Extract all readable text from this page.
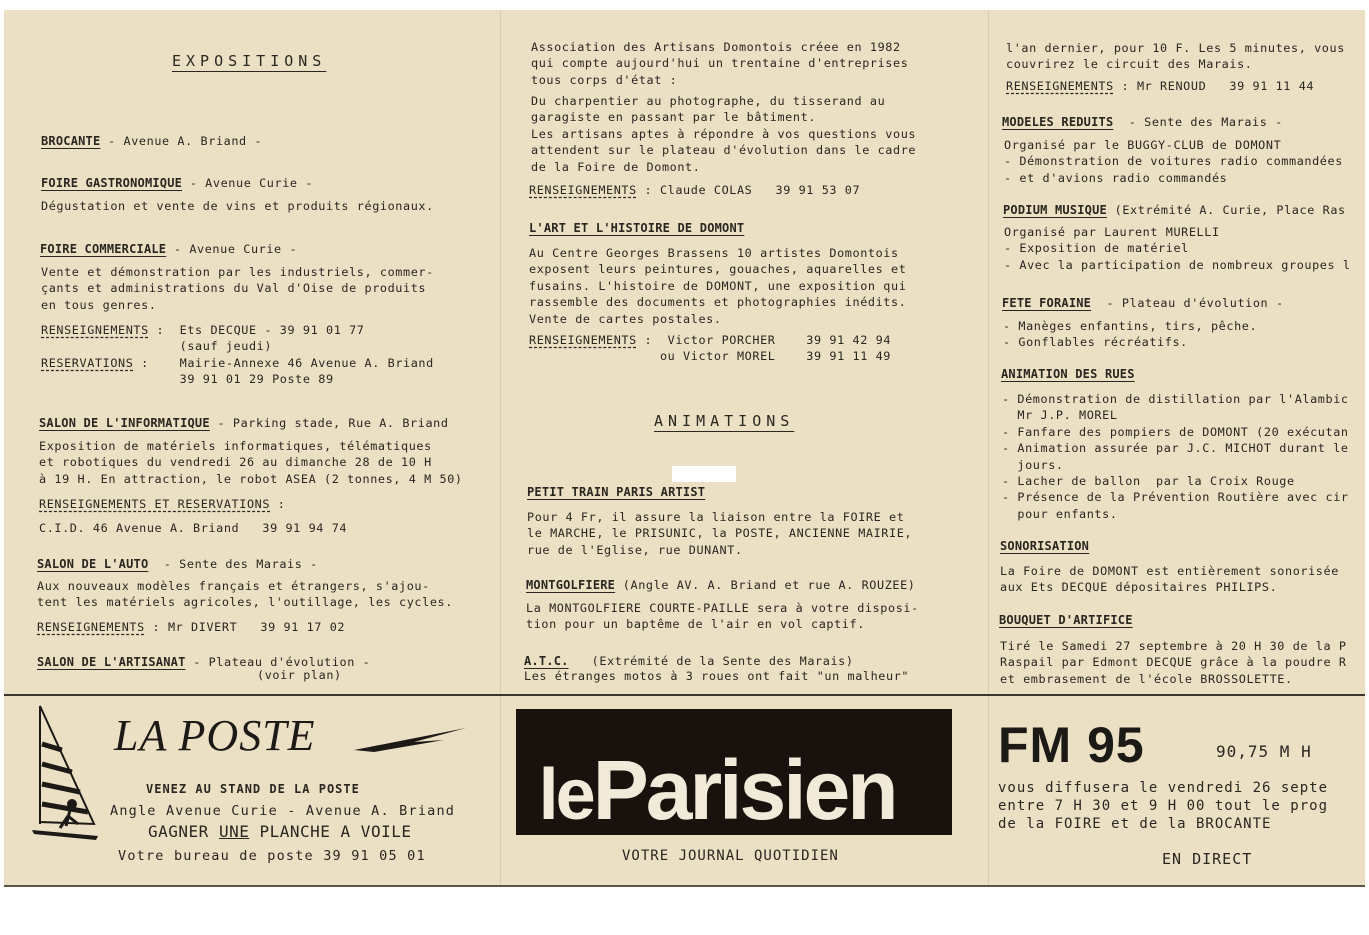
EXPOSITIONS
BROCANTE - Avenue A. Briand -
FOIRE GASTRONOMIQUE - Avenue Curie -
Dégustation et vente de vins et produits régionaux.
FOIRE COMMERCIALE - Avenue Curie -
Vente et démonstration par les industriels, commer-
çants et administrations du Val d'Oise de produits
en tous genres.
RENSEIGNEMENTS :  Ets DECQUE - 39 91 01 77
(sauf jeudi)
RESERVATIONS :    Mairie-Annexe 46 Avenue A. Briand
39 91 01 29 Poste 89
SALON DE L'INFORMATIQUE - Parking stade, Rue A. Briand
Exposition de matériels informatiques, télématiques
et robotiques du vendredi 26 au dimanche 28 de 10 H
à 19 H. En attraction, le robot ASEA (2 tonnes, 4 M 50)
RENSEIGNEMENTS ET RESERVATIONS :
C.I.D. 46 Avenue A. Briand   39 91 94 74
SALON DE L'AUTO  - Sente des Marais -
Aux nouveaux modèles français et étrangers, s'ajou-
tent les matériels agricoles, l'outillage, les cycles.
RENSEIGNEMENTS : Mr DIVERT   39 91 17 02
SALON DE L'ARTISANAT - Plateau d'évolution -
(voir plan)
Association des Artisans Domontois créee en 1982
qui compte aujourd'hui un trentaine d'entreprises
tous corps d'état :
Du charpentier au photographe, du tisserand au
garagiste en passant par le bâtiment.
Les artisans aptes à répondre à vos questions vous
attendent sur le plateau d'évolution dans le cadre
de la Foire de Domont.
RENSEIGNEMENTS : Claude COLAS   39 91 53 07
L'ART ET L'HISTOIRE DE DOMONT
Au Centre Georges Brassens 10 artistes Domontois
exposent leurs peintures, gouaches, aquarelles et
fusains. L'histoire de DOMONT, une exposition qui
rassemble des documents et photographies inédits.
Vente de cartes postales.
RENSEIGNEMENTS :  Victor PORCHER    39 91 42 94
ou Victor MOREL    39 91 11 49
ANIMATIONS
PETIT TRAIN PARIS ARTIST
Pour 4 Fr, il assure la liaison entre la FOIRE et
le MARCHE, le PRISUNIC, la POSTE, ANCIENNE MAIRIE,
rue de l'Eglise, rue DUNANT.
MONTGOLFIERE (Angle AV. A. Briand et rue A. ROUZEE)
La MONTGOLFIERE COURTE-PAILLE sera à votre disposi-
tion pour un baptême de l'air en vol captif.
A.T.C.   (Extrémité de la Sente des Marais)
Les étranges motos à 3 roues ont fait "un malheur"
l'an dernier, pour 10 F. Les 5 minutes, vous
couvrirez le circuit des Marais.
RENSEIGNEMENTS : Mr RENOUD   39 91 11 44
MODELES REDUITS  - Sente des Marais -
Organisé par le BUGGY-CLUB de DOMONT
- Démonstration de voitures radio commandées
- et d'avions radio commandés
PODIUM MUSIQUE (Extrémité A. Curie, Place Ras
Organisé par Laurent MURELLI
- Exposition de matériel
- Avec la participation de nombreux groupes l
FETE FORAINE  - Plateau d'évolution -
- Manèges enfantins, tirs, pêche.
- Gonflables récréatifs.
ANIMATION DES RUES
- Démonstration de distillation par l'Alambic
Mr J.P. MOREL
- Fanfare des pompiers de DOMONT (20 exécutan
- Animation assurée par J.C. MICHOT durant le
jours.
- Lacher de ballon  par la Croix Rouge
- Présence de la Prévention Routière avec cir
pour enfants.
SONORISATION
La Foire de DOMONT est entièrement sonorisée
aux Ets DECQUE dépositaires PHILIPS.
BOUQUET D'ARTIFICE
Tiré le Samedi 27 septembre à 20 H 30 de la P
Raspail par Edmont DECQUE grâce à la poudre R
et embrasement de l'école BROSSOLETTE.
LA POSTE
VENEZ AU STAND DE LA POSTE
Angle Avenue Curie - Avenue A. Briand
GAGNER UNE PLANCHE A VOILE
Votre bureau de poste 39 91 05 01

leParisien

VOTRE JOURNAL QUOTIDIEN
FM 95	90,75 M H
vous diffusera le vendredi 26 septe
entre 7 H 30 et 9 H 00 tout le prog
de la FOIRE et de la BROCANTE
EN DIRECT
